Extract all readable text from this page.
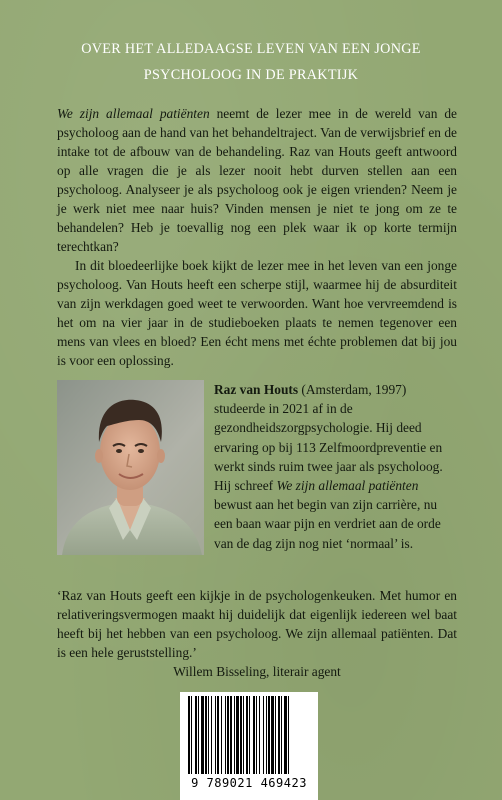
OVER HET ALLEDAAGSE LEVEN VAN EEN JONGE
PSYCHOLOOG IN DE PRAKTIJK

We zijn allemaal patiënten neemt de lezer mee in de wereld van de psycholoog aan de hand van het behandeltraject. Van de verwijsbrief en de intake tot de afbouw van de behandeling. Raz van Houts geeft antwoord op alle vragen die je als lezer nooit hebt durven stellen aan een psycholoog. Analyseer je als psycholoog ook je eigen vrienden? Neem je je werk niet mee naar huis? Vinden mensen je niet te jong om ze te behandelen? Heb je toevallig nog een plek waar ik op korte termijn terechtkan?

In dit bloedeerlijke boek kijkt de lezer mee in het leven van een jonge psycholoog. Van Houts heeft een scherpe stijl, waarmee hij de absurditeit van zijn werkdagen goed weet te verwoorden. Want hoe vervreemdend is het om na vier jaar in de studieboeken plaats te nemen tegenover een mens van vlees en bloed? Een écht mens met échte problemen dat bij jou is voor een oplossing.

Raz van Houts (Amsterdam, 1997) studeerde in 2021 af in de gezondheidszorgpsychologie. Hij deed ervaring op bij 113 Zelfmoordpreventie en werkt sinds ruim twee jaar als psycholoog. Hij schreef We zijn allemaal patiënten bewust aan het begin van zijn carrière, nu een baan waar pijn en verdriet aan de orde van de dag zijn nog niet ‘normaal’ is.
‘Raz van Houts geeft een kijkje in de psychologenkeuken. Met humor en relativeringsvermogen maakt hij duidelijk dat eigenlijk iedereen wel baat heeft bij het hebben van een psycholoog. We zijn allemaal patiënten. Dat is een hele geruststelling.’
Willem Bisseling, literair agent
9 789021 469423
